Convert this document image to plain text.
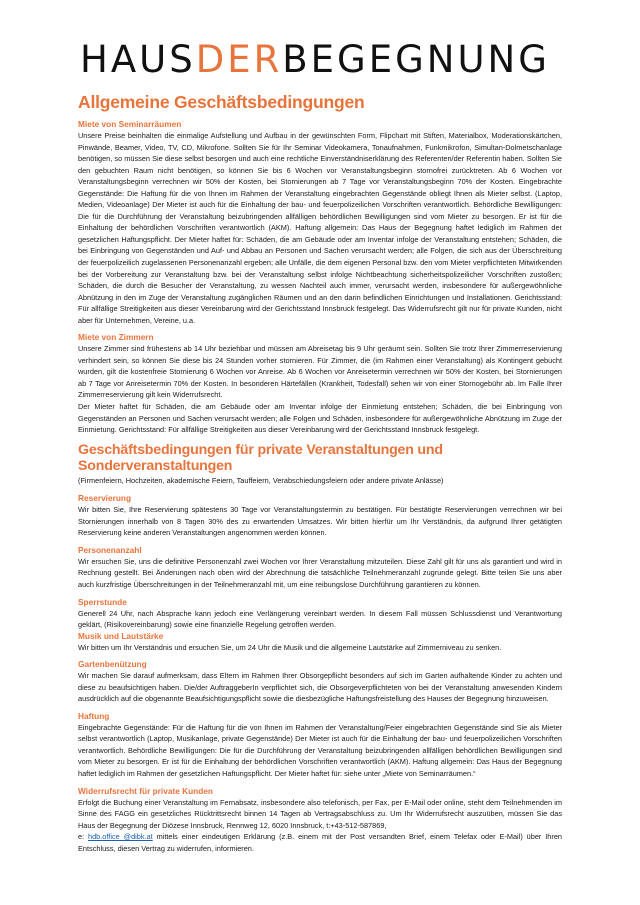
HAUSDERBEGEGNUNG
Allgemeine Geschäftsbedingungen
Miete von Seminarräumen

Unsere Preise beinhalten die einmalige Aufstellung und Aufbau in der gewünschten Form, Flipchart mit Stiften, Materialbox, Moderationskärtchen, Pinwände, Beamer, Video, TV, CD, Mikrofone. Sollten Sie für Ihr Seminar Videokamera, Tonaufnahmen, Funkmikrofon, Simultan-Dolmetschanlage benötigen, so müssen Sie diese selbst besorgen und auch eine rechtliche Einverständniserklärung des Referenten/der Referentin haben. Sollten Sie den gebuchten Raum nicht benötigen, so können Sie bis 6 Wochen vor Veranstaltungsbeginn stornofrei zurücktreten. Ab 6 Wochen vor Veranstaltungsbeginn verrechnen wir 50% der Kosten, bei Stornierungen ab 7 Tage vor Veranstaltungsbeginn 70% der Kosten. Eingebrachte Gegenstände: Die Haftung für die von Ihnen im Rahmen der Veranstaltung eingebrachten Gegenstände obliegt Ihnen als Mieter selbst. (Laptop, Medien, Videoanlage) Der Mieter ist auch für die Einhaltung der bau- und feuerpolizeilichen Vorschriften verantwortlich. Behördliche Bewilligungen: Die für die Durchführung der Veranstaltung beizubringenden allfälligen behördlichen Bewilligungen sind vom Mieter zu besorgen. Er ist für die Einhaltung der behördlichen Vorschriften verantwortlich (AKM). Haftung allgemein: Das Haus der Begegnung haftet lediglich im Rahmen der gesetzlichen Haftungspflicht. Der Mieter haftet für: Schäden, die am Gebäude oder am Inventar infolge der Veranstaltung entstehen; Schäden, die bei Einbringung von Gegenständen und Auf- und Abbau an Personen und Sachen verursacht werden; alle Folgen, die sich aus der Überschreitung der feuerpolizeilich zugelassenen Personenanzahl ergeben; alle Unfälle, die dem eigenen Personal bzw. den vom Mieter verpflichteten Mitwirkenden bei der Vorbereitung zur Veranstaltung bzw. bei der Veranstaltung selbst infolge Nichtbeachtung sicherheitspolizeilicher Vorschriften zustoßen; Schäden, die durch die Besucher der Veranstaltung, zu wessen Nachteil auch immer, verursacht werden, insbesondere für außergewöhnliche Abnützung in den im Zuge der Veranstaltung zugänglichen Räumen und an den darin befindlichen Einrichtungen und Installationen. Gerichtsstand: Für allfällige Streitigkeiten aus dieser Vereinbarung wird der Gerichtsstand Innsbruck festgelegt. Das Widerrufsrecht gilt nur für private Kunden, nicht aber für Unternehmen, Vereine, u.a.

Miete von Zimmern

Unsere Zimmer sind frühestens ab 14 Uhr beziehbar und müssen am Abreisetag bis 9 Uhr geräumt sein. Sollten Sie trotz Ihrer Zimmerreservierung verhindert sein, so können Sie diese bis 24 Stunden vorher stornieren. Für Zimmer, die (im Rahmen einer Veranstaltung) als Kontingent gebucht wurden, gilt die kostenfreie Stornierung 6 Wochen vor Anreise. Ab 6 Wochen vor Anreisetermin verrechnen wir 50% der Kosten, bei Stornierungen ab 7 Tage vor Anreisetermin 70% der Kosten. In besonderen Härtefällen (Krankheit, Todesfall) sehen wir von einer Stornogebühr ab. Im Falle Ihrer Zimmerreservierung gilt kein Widerrufsrecht.

Der Mieter haftet für Schäden, die am Gebäude oder am Inventar infolge der Einmietung entstehen; Schäden, die bei Einbringung von Gegenständen an Personen und Sachen verursacht werden; alle Folgen und Schäden, insbesondere für außergewöhnliche Abnützung im Zuge der Einmietung. Gerichtsstand: Für allfällige Streitigkeiten aus dieser Vereinbarung wird der Gerichtsstand Innsbruck festgelegt.

Geschäftsbedingungen für private Veranstaltungen und Sonderveranstaltungen

(Firmenfeiern, Hochzeiten, akademische Feiern, Tauffeiern, Verabschiedungsfeiern oder andere private Anlässe)

Reservierung

Wir bitten Sie, Ihre Reservierung spätestens 30 Tage vor Veranstaltungstermin zu bestätigen. Für bestätigte Reservierungen verrechnen wir bei Stornierungen innerhalb von 8 Tagen 30% des zu erwartenden Umsatzes. Wir bitten hierfür um Ihr Verständnis, da aufgrund Ihrer getätigten Reservierung keine anderen Veranstaltungen angenommen werden können.

Personenanzahl

Wir ersuchen Sie, uns die definitive Personenzahl zwei Wochen vor Ihrer Veranstaltung mitzuteilen. Diese Zahl gilt für uns als garantiert und wird in Rechnung gestellt. Bei Änderungen nach oben wird der Abrechnung die tatsächliche Teilnehmeranzahl zugrunde gelegt. Bitte teilen Sie uns aber auch kurzfristige Überschreitungen in der Teilnehmeranzahl mit, um eine reibungslose Durchführung garantieren zu können.

Sperrstunde

Generell 24 Uhr, nach Absprache kann jedoch eine Verlängerung vereinbart werden. In diesem Fall müssen Schlussdienst und Verantwortung geklärt, (Risikovereinbarung) sowie eine finanzielle Regelung getroffen werden.

Musik und Lautstärke

Wir bitten um Ihr Verständnis und ersuchen Sie, um 24 Uhr die Musik und die allgemeine Lautstärke auf Zimmerniveau zu senken.

Gartenbenützung

Wir machen Sie darauf aufmerksam, dass Eltern im Rahmen Ihrer Obsorgepflicht besonders auf sich im Garten aufhaltende Kinder zu achten und diese zu beaufsichtigen haben. Die/der AuftraggeberIn verpflichtet sich, die Obsorgeverpflichteten von bei der Veranstaltung anwesenden Kindern ausdrücklich auf die obgenannte Beaufsichtigungspflicht sowie die diesbezügliche Haftungsfreistellung des Hauses der Begegnung hinzuweisen.

Haftung

Eingebrachte Gegenstände: Für die Haftung für die von Ihnen im Rahmen der Veranstaltung/Feier eingebrachten Gegenstände sind Sie als Mieter selbst verantwortlich (Laptop, Musikanlage, private Gegenstände) Der Mieter ist auch für die Einhaltung der bau- und feuerpolizeilichen Vorschriften verantwortlich. Behördliche Bewilligungen: Die für die Durchführung der Veranstaltung beizubringenden allfälligen behördlichen Bewilligungen sind vom Mieter zu besorgen. Er ist für die Einhaltung der behördlichen Vorschriften verantwortlich (AKM). Haftung allgemein: Das Haus der Begegnung haftet lediglich im Rahmen der gesetzlichen Haftungspflicht. Der Mieter haftet für: siehe unter „Miete von Seminarräumen.“

Widerrufsrecht für private Kunden

Erfolgt die Buchung einer Veranstaltung im Fernabsatz, insbesondere also telefonisch, per Fax, per E-Mail oder online, steht dem Teilnehmenden im Sinne des FAGG ein gesetzliches Rücktrittsrecht binnen 14 Tagen ab Vertragsabschluss zu. Um Ihr Widerrufsrecht auszuüben, müssen Sie das Haus der Begegnung der Diözese Innsbruck, Rennweg 12, 6020 Innsbruck, t:+43-512-587869,
e: hdb.office @dibk.at mittels einer eindeutigen Erklärung (z.B. einem mit der Post versandten Brief, einem Telefax oder E-Mail) über Ihren Entschluss, diesen Vertrag zu widerrufen, informieren.
